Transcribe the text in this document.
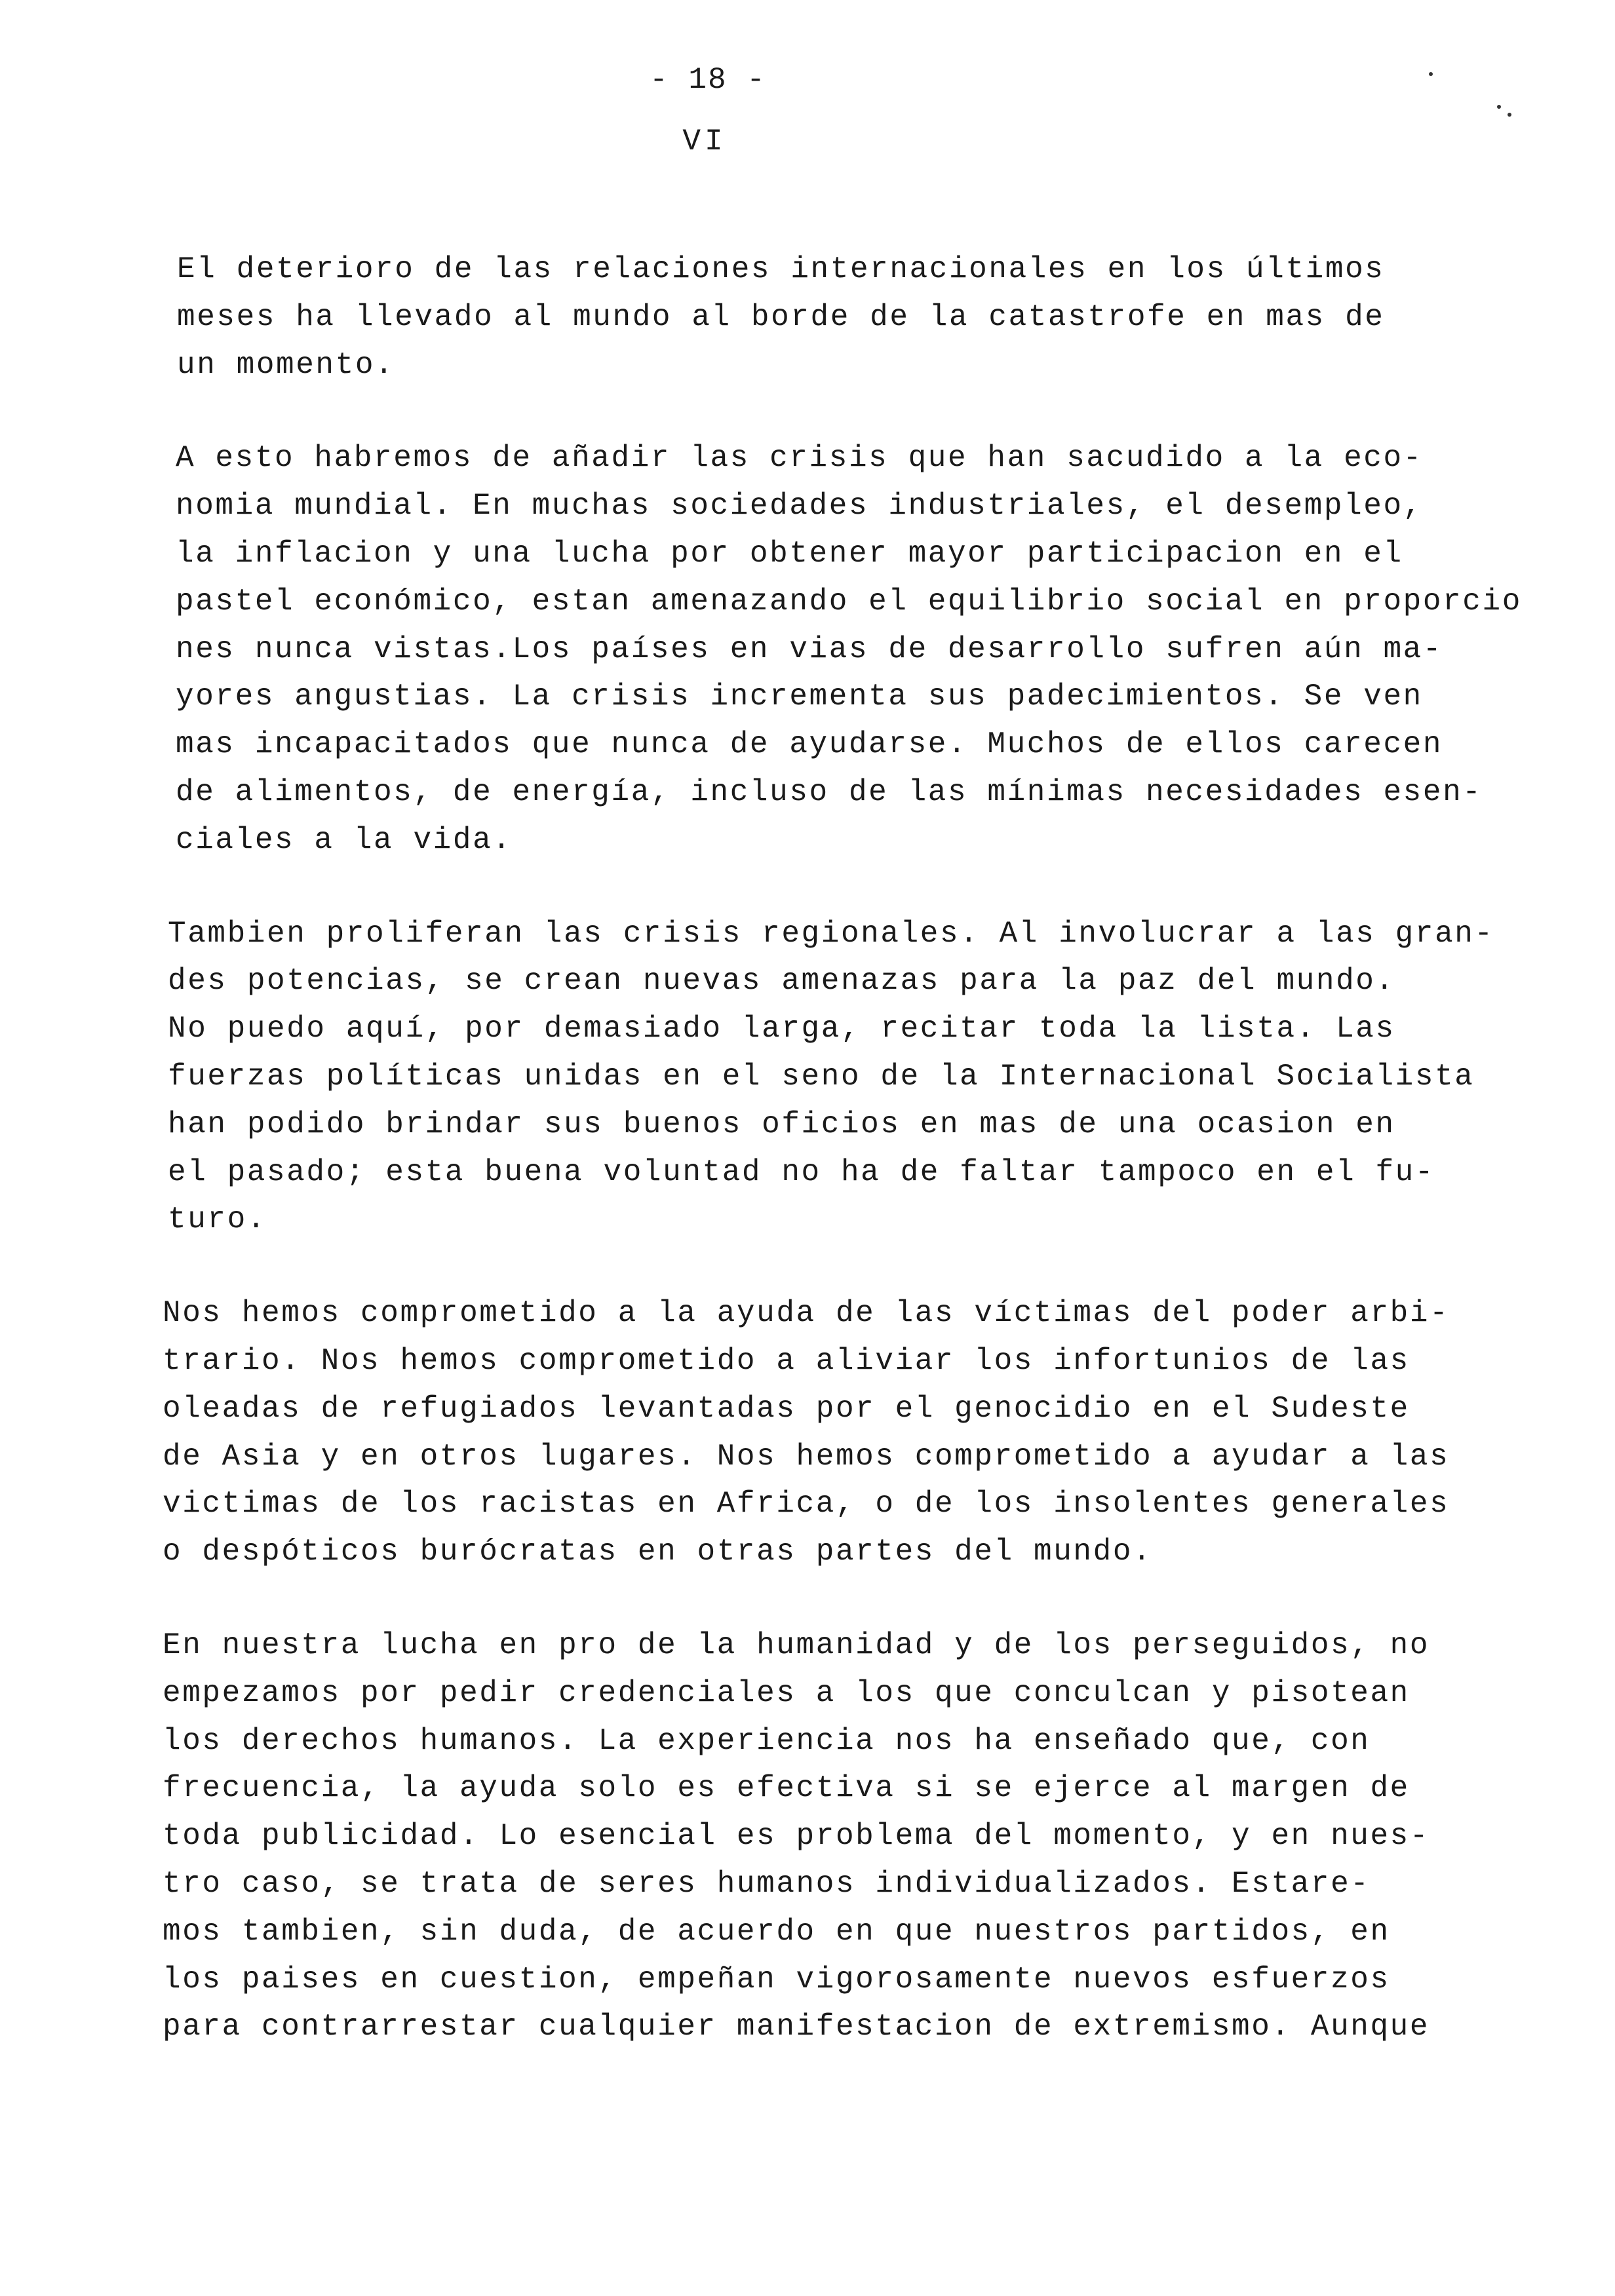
- 18 -
VI

El deterioro de las relaciones internacionales en los últimos
meses ha llevado al mundo al borde de la catastrofe en mas de
un momento.

A esto habremos de añadir las crisis que han sacudido a la eco-
nomia mundial. En muchas sociedades industriales, el desempleo,
la inflacion y una lucha por obtener mayor participacion en el
pastel económico, estan amenazando el equilibrio social en proporcio
nes nunca vistas.Los países en vias de desarrollo sufren aún ma-
yores angustias. La crisis incrementa sus padecimientos. Se ven
mas incapacitados que nunca de ayudarse. Muchos de ellos carecen
de alimentos, de energía, incluso de las mínimas necesidades esen-
ciales a la vida.

Tambien proliferan las crisis regionales. Al involucrar a las gran-
des potencias, se crean nuevas amenazas para la paz del mundo.
No puedo aquí, por demasiado larga, recitar toda la lista. Las
fuerzas políticas unidas en el seno de la Internacional Socialista
han podido brindar sus buenos oficios en mas de una ocasion en
el pasado; esta buena voluntad no ha de faltar tampoco en el fu-
turo.

Nos hemos comprometido a la ayuda de las víctimas del poder arbi-
trario. Nos hemos comprometido a aliviar los infortunios de las
oleadas de refugiados levantadas por el genocidio en el Sudeste
de Asia y en otros lugares. Nos hemos comprometido a ayudar a las
victimas de los racistas en Africa, o de los insolentes generales
o despóticos burócratas en otras partes del mundo.

En nuestra lucha en pro de la humanidad y de los perseguidos, no
empezamos por pedir credenciales a los que conculcan y pisotean
los derechos humanos. La experiencia nos ha enseñado que, con
frecuencia, la ayuda solo es efectiva si se ejerce al margen de
toda publicidad. Lo esencial es problema del momento, y en nues-
tro caso, se trata de seres humanos individualizados. Estare-
mos tambien, sin duda, de acuerdo en que nuestros partidos, en
los paises en cuestion, empeñan vigorosamente nuevos esfuerzos
para contrarrestar cualquier manifestacion de extremismo. Aunque
